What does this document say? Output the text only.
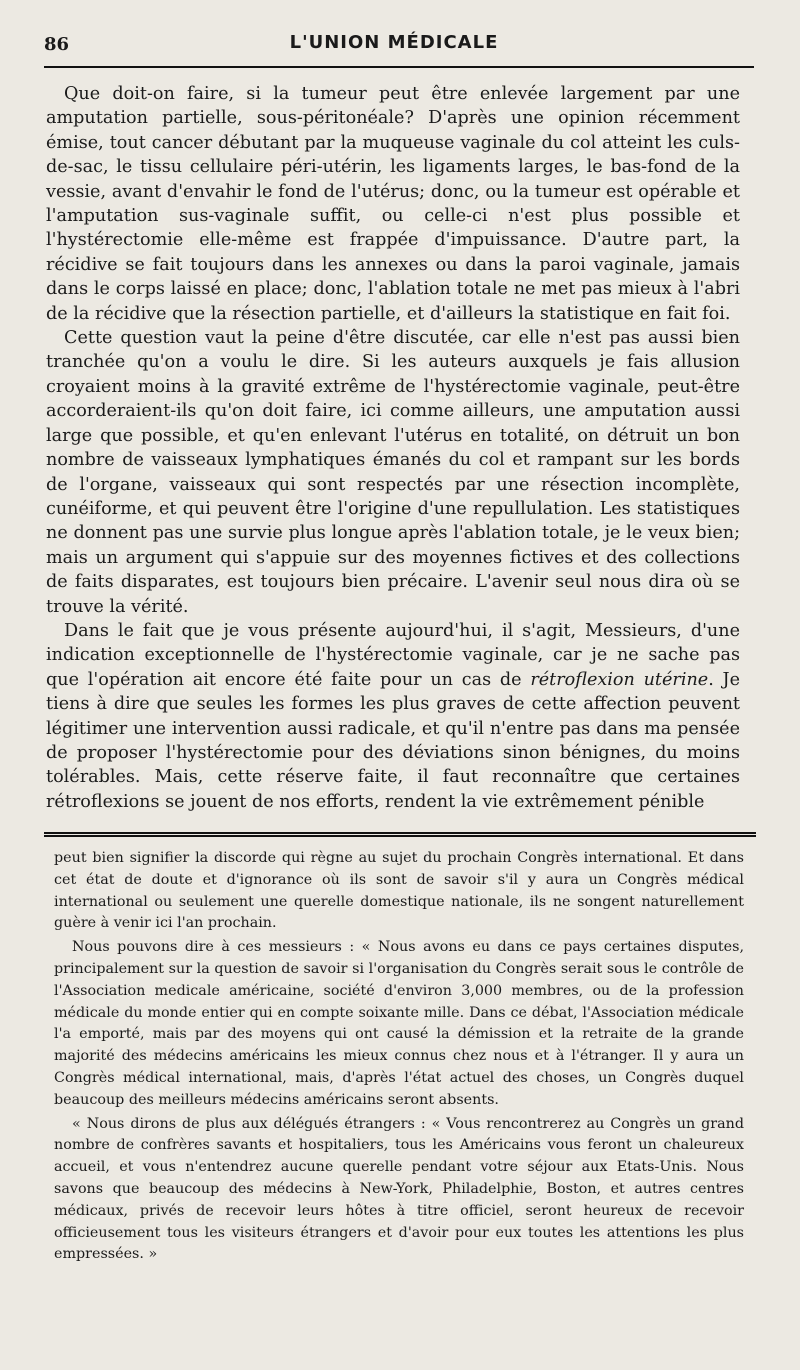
86	L'UNION MÉDICALE

Que doit-on faire, si la tumeur peut être enlevée largement par une amputation partielle, sous-péritonéale? D'après une opinion récemment émise, tout cancer débutant par la muqueuse vaginale du col atteint les culs-de-sac, le tissu cellulaire péri-utérin, les ligaments larges, le bas-fond de la vessie, avant d'envahir le fond de l'utérus; donc, ou la tumeur est opérable et l'amputation sus-vaginale suffit, ou celle-ci n'est plus possible et l'hystérectomie elle-même est frappée d'impuissance. D'autre part, la récidive se fait toujours dans les annexes ou dans la paroi vaginale, jamais dans le corps laissé en place; donc, l'ablation totale ne met pas mieux à l'abri de la récidive que la résection partielle, et d'ailleurs la statistique en fait foi.

Cette question vaut la peine d'être discutée, car elle n'est pas aussi bien tranchée qu'on a voulu le dire. Si les auteurs auxquels je fais allusion croyaient moins à la gravité extrême de l'hystérectomie vaginale, peut-être accorderaient-ils qu'on doit faire, ici comme ailleurs, une amputation aussi large que possible, et qu'en enlevant l'utérus en totalité, on détruit un bon nombre de vaisseaux lymphatiques émanés du col et rampant sur les bords de l'organe, vaisseaux qui sont respectés par une résection incomplète, cunéiforme, et qui peuvent être l'origine d'une repullulation. Les statistiques ne donnent pas une survie plus longue après l'ablation totale, je le veux bien; mais un argument qui s'appuie sur des moyennes fictives et des collections de faits disparates, est toujours bien précaire. L'avenir seul nous dira où se trouve la vérité.

Dans le fait que je vous présente aujourd'hui, il s'agit, Messieurs, d'une indication exceptionnelle de l'hystérectomie vaginale, car je ne sache pas que l'opération ait encore été faite pour un cas de rétroflexion utérine. Je tiens à dire que seules les formes les plus graves de cette affection peuvent légitimer une intervention aussi radicale, et qu'il n'entre pas dans ma pensée de proposer l'hystérectomie pour des déviations sinon bénignes, du moins tolérables. Mais, cette réserve faite, il faut reconnaître que certaines rétroflexions se jouent de nos efforts, rendent la vie extrêmement pénible

peut bien signifier la discorde qui règne au sujet du prochain Congrès international. Et dans cet état de doute et d'ignorance où ils sont de savoir s'il y aura un Congrès médical international ou seulement une querelle domestique nationale, ils ne songent naturellement guère à venir ici l'an prochain.

Nous pouvons dire à ces messieurs : « Nous avons eu dans ce pays certaines disputes, principalement sur la question de savoir si l'organisation du Congrès serait sous le contrôle de l'Association medicale américaine, société d'environ 3,000 membres, ou de la profession médicale du monde entier qui en compte soixante mille. Dans ce débat, l'Association médicale l'a emporté, mais par des moyens qui ont causé la démission et la retraite de la grande majorité des médecins américains les mieux connus chez nous et à l'étranger. Il y aura un Congrès médical international, mais, d'après l'état actuel des choses, un Congrès duquel beaucoup des meilleurs médecins américains seront absents.

« Nous dirons de plus aux délégués étrangers : « Vous rencontrerez au Congrès un grand nombre de confrères savants et hospitaliers, tous les Américains vous feront un chaleureux accueil, et vous n'entendrez aucune querelle pendant votre séjour aux Etats-Unis. Nous savons que beaucoup des médecins à New-York, Philadelphie, Boston, et autres centres médicaux, privés de recevoir leurs hôtes à titre officiel, seront heureux de recevoir officieusement tous les visiteurs étrangers et d'avoir pour eux toutes les attentions les plus empressées. »
